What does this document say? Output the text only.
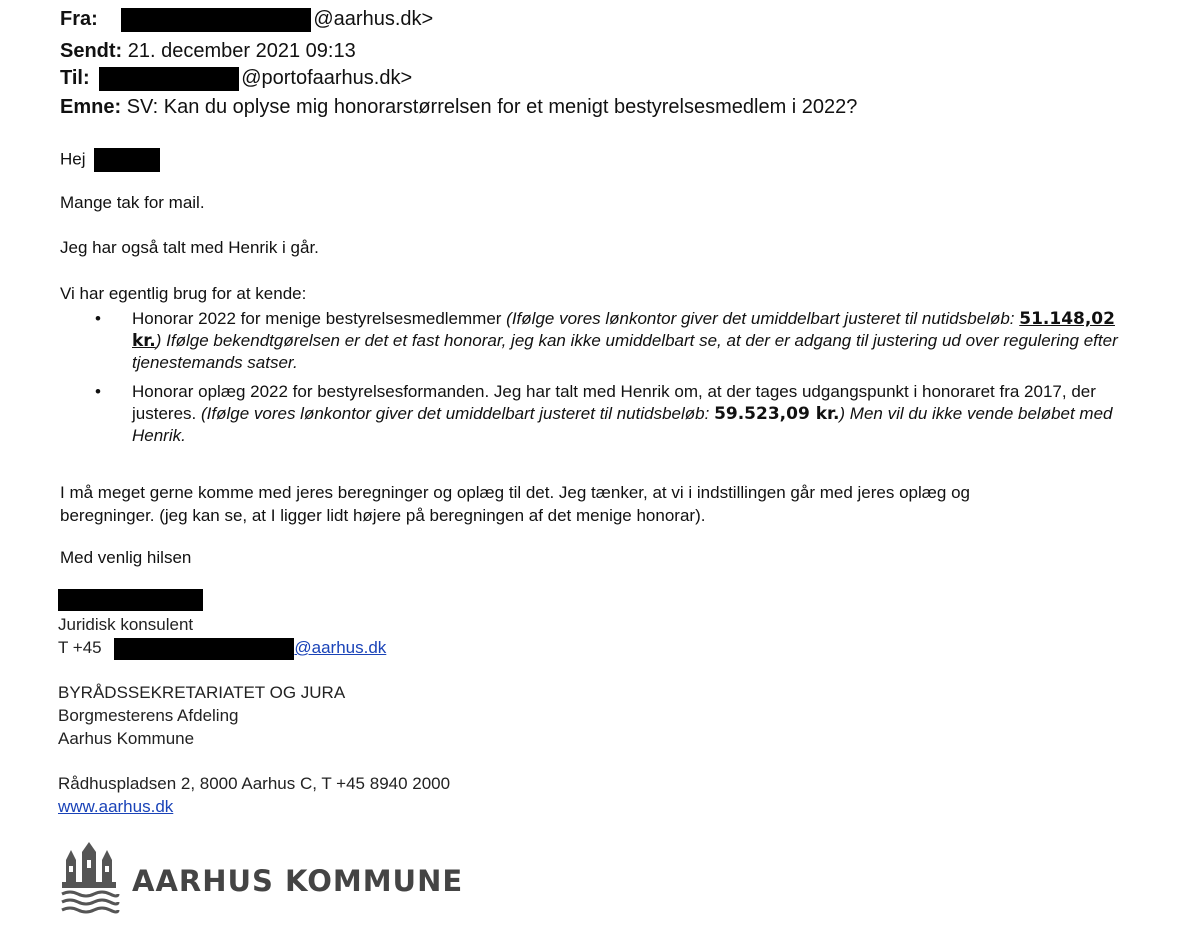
Fra:	@aarhus.dk>
Sendt: 21. december 2021 09:13
Til:	@portofaarhus.dk>
Emne: SV: Kan du oplyse mig honorarstørrelsen for et menigt bestyrelsesmedlem i 2022?
Hej
Mange tak for mail.
Jeg har også talt med Henrik i går.
Vi har egentlig brug for at kende:
• Honorar 2022 for menige bestyrelsesmedlemmer (Ifølge vores lønkontor giver det umiddelbart justeret til nutidsbeløb: 51.148,02 kr.) Ifølge bekendtgørelsen er det et fast honorar, jeg kan ikke umiddelbart se, at der er adgang til justering ud over regulering efter tjenestemands satser.
• Honorar oplæg 2022 for bestyrelsesformanden. Jeg har talt med Henrik om, at der tages udgangspunkt i honoraret fra 2017, der justeres. (Ifølge vores lønkontor giver det umiddelbart justeret til nutidsbeløb: 59.523,09 kr.) Men vil du ikke vende beløbet med Henrik.
I må meget gerne komme med jeres beregninger og oplæg til det. Jeg tænker, at vi i indstillingen går med jeres oplæg og
beregninger. (jeg kan se, at I ligger lidt højere på beregningen af det menige honorar).
Med venlig hilsen
Juridisk konsulent
T +45	@aarhus.dk
BYRÅDSSEKRETARIATET OG JURA
Borgmesterens Afdeling
Aarhus Kommune
Rådhuspladsen 2, 8000 Aarhus C, T +45 8940 2000
www.aarhus.dk
AARHUS KOMMUNE
